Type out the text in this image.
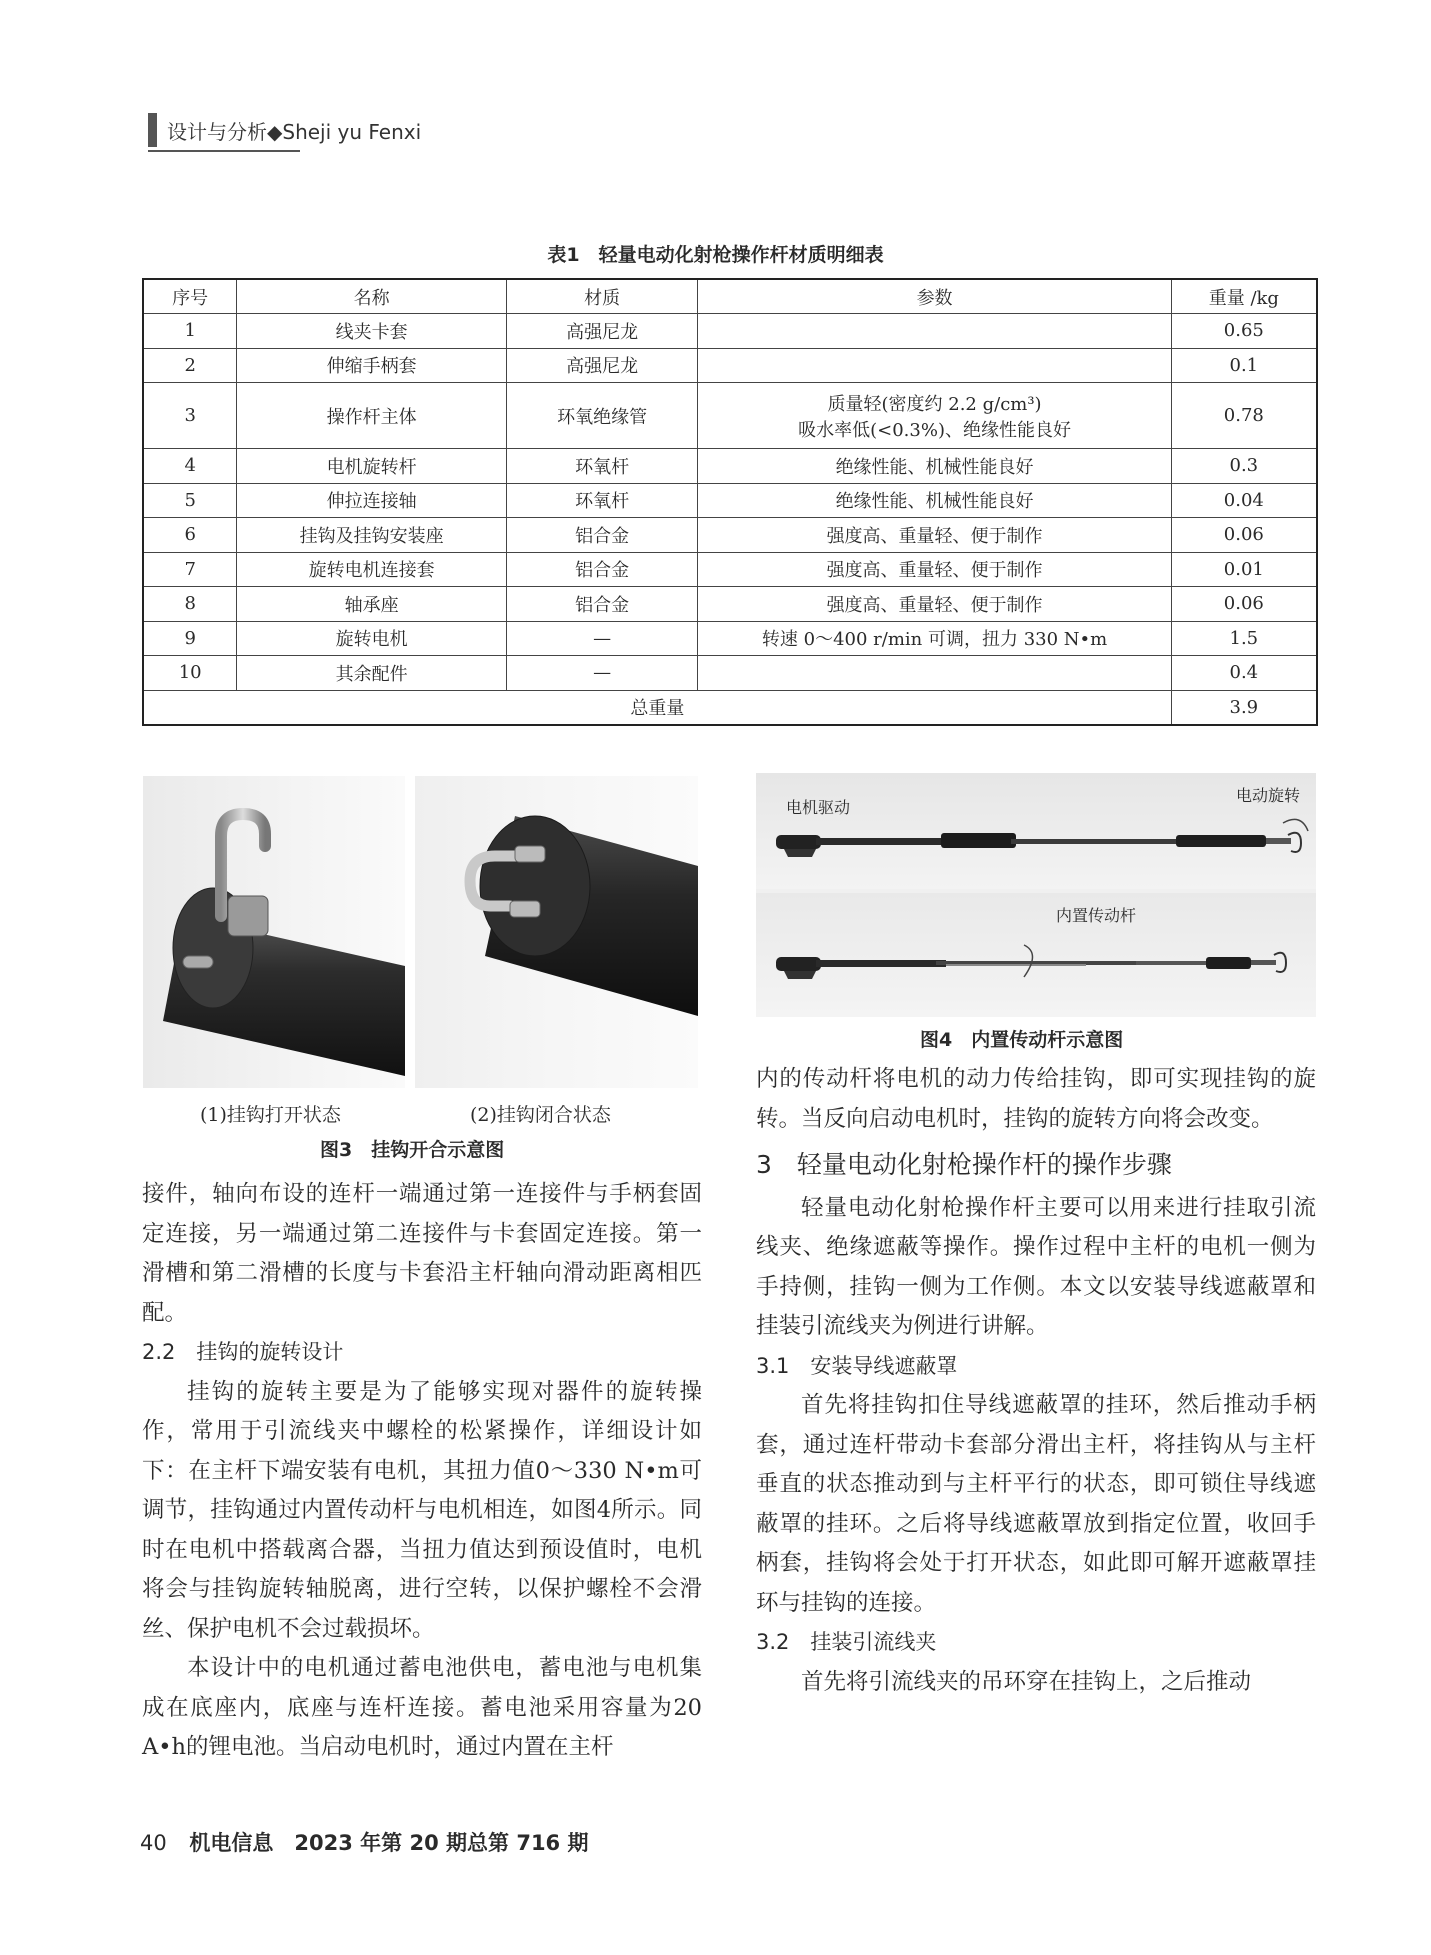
设计与分析◆Sheji yu Fenxi
表1　轻量电动化射枪操作杆材质明细表
序号	名称	材质	参数	重量 /kg
1	线夹卡套	高强尼龙		0.65
2	伸缩手柄套	高强尼龙		0.1
3	操作杆主体	环氧绝缘管	质量轻(密度约 2.2 g/cm³)
吸水率低(<0.3%)、绝缘性能良好	0.78
4	电机旋转杆	环氧杆	绝缘性能、机械性能良好	0.3
5	伸拉连接轴	环氧杆	绝缘性能、机械性能良好	0.04
6	挂钩及挂钩安装座	铝合金	强度高、重量轻、便于制作	0.06
7	旋转电机连接套	铝合金	强度高、重量轻、便于制作	0.01
8	轴承座	铝合金	强度高、重量轻、便于制作	0.06
9	旋转电机	—	转速 0～400 r/min 可调，扭力 330 N•m	1.5
10	其余配件	—		0.4
总重量				3.9
(1)挂钩打开状态	(2)挂钩闭合状态
图3　挂钩开合示意图
电机驱动
电动旋转
内置传动杆
图4　内置传动杆示意图

接件，轴向布设的连杆一端通过第一连接件与手柄套固定连接，另一端通过第二连接件与卡套固定连接。第一滑槽和第二滑槽的长度与卡套沿主杆轴向滑动距离相匹配。

2.2　挂钩的旋转设计

挂钩的旋转主要是为了能够实现对器件的旋转操作，常用于引流线夹中螺栓的松紧操作，详细设计如下：在主杆下端安装有电机，其扭力值0～330 N•m可调节，挂钩通过内置传动杆与电机相连，如图4所示。同时在电机中搭载离合器，当扭力值达到预设值时，电机将会与挂钩旋转轴脱离，进行空转，以保护螺栓不会滑丝、保护电机不会过载损坏。

本设计中的电机通过蓄电池供电，蓄电池与电机集成在底座内，底座与连杆连接。蓄电池采用容量为20 A•h的锂电池。当启动电机时，通过内置在主杆

内的传动杆将电机的动力传给挂钩，即可实现挂钩的旋转。当反向启动电机时，挂钩的旋转方向将会改变。

3　轻量电动化射枪操作杆的操作步骤

轻量电动化射枪操作杆主要可以用来进行挂取引流线夹、绝缘遮蔽等操作。操作过程中主杆的电机一侧为手持侧，挂钩一侧为工作侧。本文以安装导线遮蔽罩和挂装引流线夹为例进行讲解。

3.1　安装导线遮蔽罩

首先将挂钩扣住导线遮蔽罩的挂环，然后推动手柄套，通过连杆带动卡套部分滑出主杆，将挂钩从与主杆垂直的状态推动到与主杆平行的状态，即可锁住导线遮蔽罩的挂环。之后将导线遮蔽罩放到指定位置，收回手柄套，挂钩将会处于打开状态，如此即可解开遮蔽罩挂环与挂钩的连接。

3.2　挂装引流线夹

首先将引流线夹的吊环穿在挂钩上，之后推动

40 机电信息　2023 年第 20 期总第 716 期
